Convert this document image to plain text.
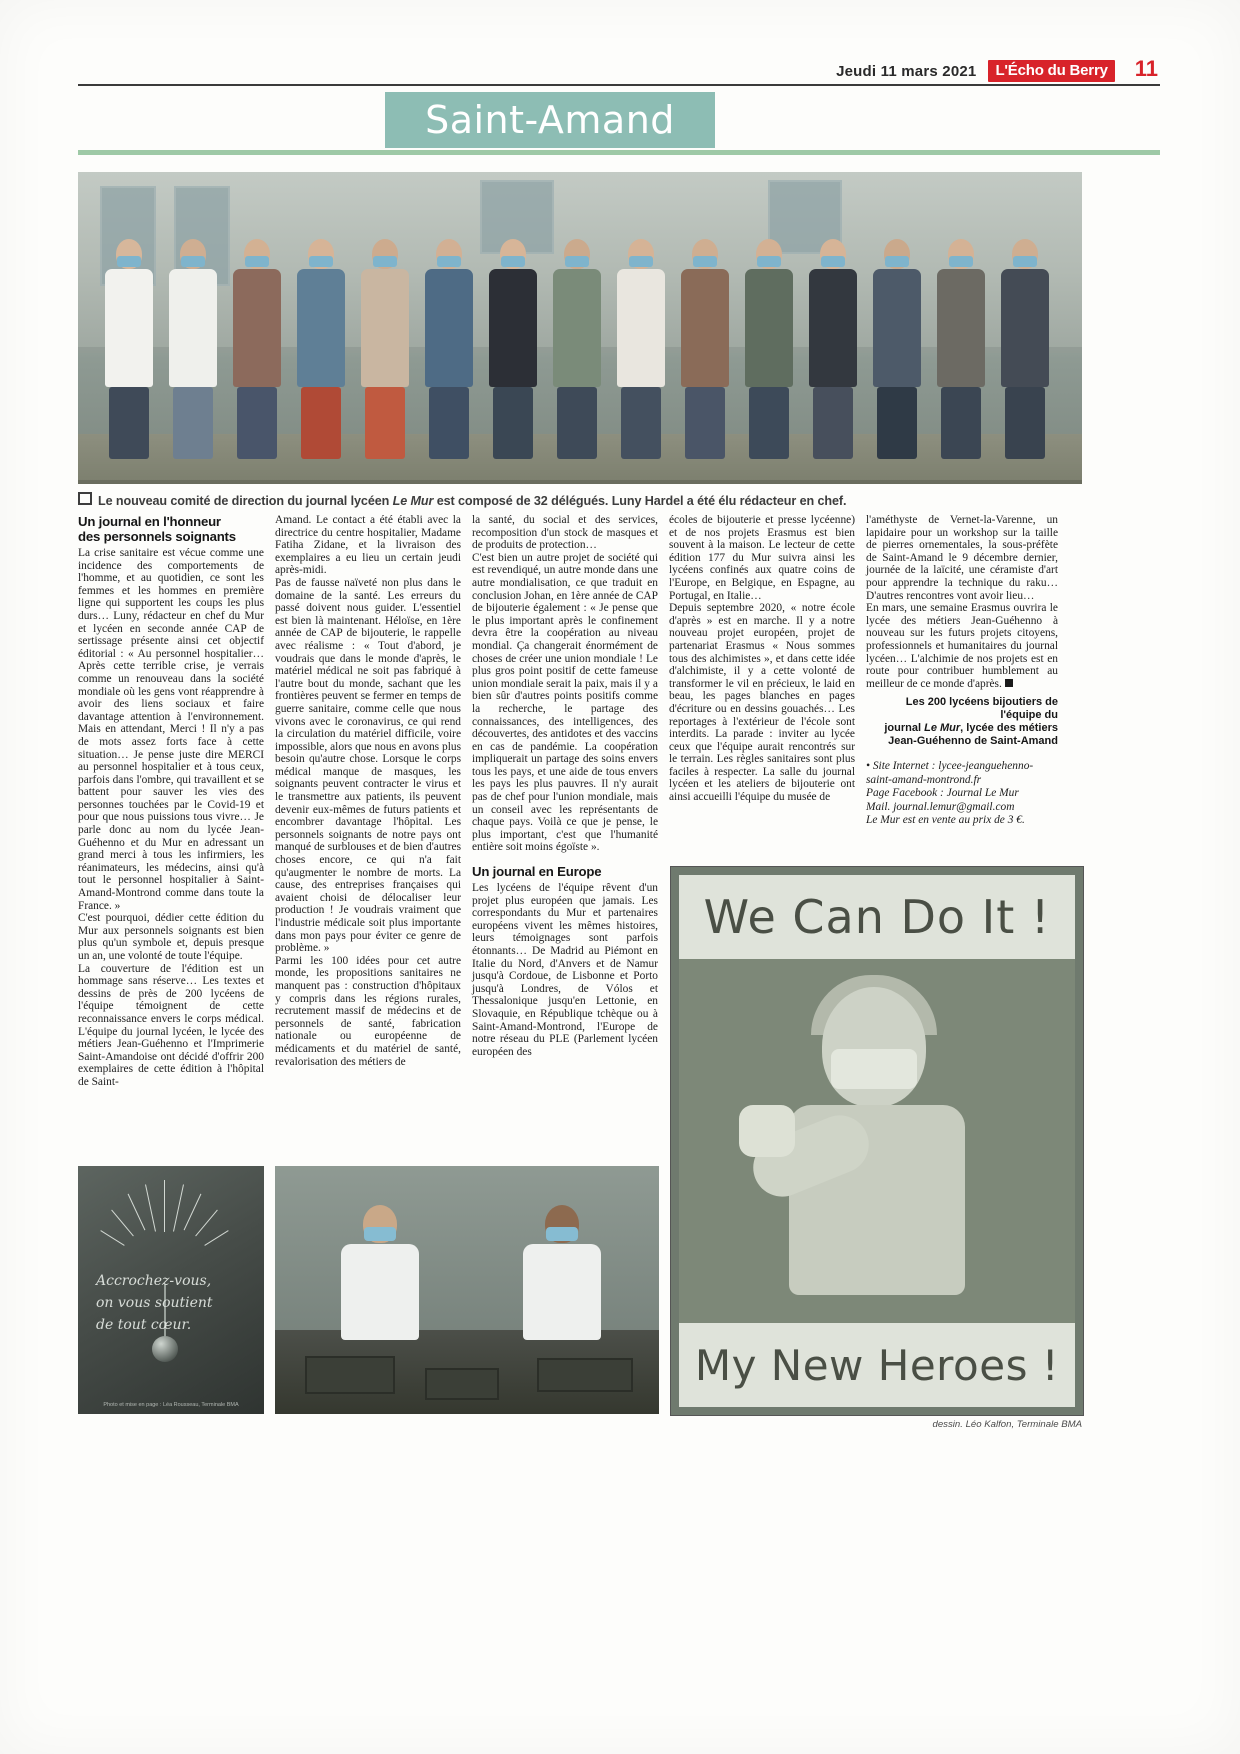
Jeudi 11 mars 2021	L'Écho du Berry	11
Saint-Amand
Le nouveau comité de direction du journal lycéen Le Mur est composé de 32 délégués. Luny Hardel a été élu rédacteur en chef.
Un journal en l'honneur
des personnels soignants

La crise sanitaire est vécue comme une incidence des comportements de l'homme, et au quotidien, ce sont les femmes et les hommes en première ligne qui supportent les coups les plus durs… Luny, rédacteur en chef du Mur et lycéen en seconde année CAP de sertissage présente ainsi cet objectif éditorial : « Au personnel hospitalier… Après cette terrible crise, je verrais comme un renouveau dans la société mondiale où les gens vont réapprendre à avoir des liens sociaux et faire davantage attention à l'environnement. Mais en attendant, Merci ! Il n'y a pas de mots assez forts face à cette situation… Je pense juste dire MERCI au personnel hospitalier et à tous ceux, parfois dans l'ombre, qui travaillent et se battent pour sauver les vies des personnes touchées par le Covid-19 et pour que nous puissions tous vivre… Je parle donc au nom du lycée Jean-Guéhenno et du Mur en adressant un grand merci à tous les infirmiers, les réanimateurs, les médecins, ainsi qu'à tout le personnel hospitalier à Saint-Amand-Montrond comme dans toute la France. »

C'est pourquoi, dédier cette édition du Mur aux personnels soignants est bien plus qu'un symbole et, depuis presque un an, une volonté de toute l'équipe.

La couverture de l'édition est un hommage sans réserve… Les textes et dessins de près de 200 lycéens de l'équipe témoignent de cette reconnaissance envers le corps médical. L'équipe du journal lycéen, le lycée des métiers Jean-Guéhenno et l'Imprimerie Saint-Amandoise ont décidé d'offrir 200 exemplaires de cette édition à l'hôpital de Saint-

Amand. Le contact a été établi avec la directrice du centre hospitalier, Madame Fatiha Zidane, et la livraison des exemplaires a eu lieu un certain jeudi après-midi.

Pas de fausse naïveté non plus dans le domaine de la santé. Les erreurs du passé doivent nous guider. L'essentiel est bien là maintenant. Héloïse, en 1ère année de CAP de bijouterie, le rappelle avec réalisme : « Tout d'abord, je voudrais que dans le monde d'après, le matériel médical ne soit pas fabriqué à l'autre bout du monde, sachant que les frontières peuvent se fermer en temps de guerre sanitaire, comme celle que nous vivons avec le coronavirus, ce qui rend la circulation du matériel difficile, voire impossible, alors que nous en avons plus besoin qu'autre chose. Lorsque le corps médical manque de masques, les soignants peuvent contracter le virus et le transmettre aux patients, ils peuvent devenir eux-mêmes de futurs patients et encombrer davantage l'hôpital. Les personnels soignants de notre pays ont manqué de surblouses et de bien d'autres choses encore, ce qui n'a fait qu'augmenter le nombre de morts. La cause, des entreprises françaises qui avaient choisi de délocaliser leur production ! Je voudrais vraiment que l'industrie médicale soit plus importante dans mon pays pour éviter ce genre de problème. »

Parmi les 100 idées pour cet autre monde, les propositions sanitaires ne manquent pas : construction d'hôpitaux y compris dans les régions rurales, recrutement massif de médecins et de personnels de santé, fabrication nationale ou européenne de médicaments et du matériel de santé, revalorisation des métiers de

la santé, du social et des services, recomposition d'un stock de masques et de produits de protection…

C'est bien un autre projet de société qui est revendiqué, un autre monde dans une autre mondialisation, ce que traduit en conclusion Johan, en 1ère année de CAP de bijouterie également : « Je pense que le plus important après le confinement devra être la coopération au niveau mondial. Ça changerait énormément de choses de créer une union mondiale ! Le plus gros point positif de cette fameuse union mondiale serait la paix, mais il y a bien sûr d'autres points positifs comme la recherche, le partage des connaissances, des intelligences, des découvertes, des antidotes et des vaccins en cas de pandémie. La coopération impliquerait un partage des soins envers tous les pays, et une aide de tous envers les pays les plus pauvres. Il n'y aurait pas de chef pour l'union mondiale, mais un conseil avec les représentants de chaque pays. Voilà ce que je pense, le plus important, c'est que l'humanité entière soit moins égoïste ».

Un journal en Europe

Les lycéens de l'équipe rêvent d'un projet plus européen que jamais. Les correspondants du Mur et partenaires européens vivent les mêmes histoires, leurs témoignages sont parfois étonnants… De Madrid au Piémont en Italie du Nord, d'Anvers et de Namur jusqu'à Cordoue, de Lisbonne et Porto jusqu'à Londres, de Vólos et Thessalonique jusqu'en Lettonie, en Slovaquie, en République tchèque ou à Saint-Amand-Montrond, l'Europe de notre réseau du PLE (Parlement lycéen européen des

écoles de bijouterie et presse lycéenne) et de nos projets Erasmus est bien souvent à la maison. Le lecteur de cette édition 177 du Mur suivra ainsi les lycéens confinés aux quatre coins de l'Europe, en Belgique, en Espagne, au Portugal, en Italie…

Depuis septembre 2020, « notre école d'après » est en marche. Il y a notre nouveau projet européen, projet de partenariat Erasmus « Nous sommes tous des alchimistes », et dans cette idée d'alchimiste, il y a cette volonté de transformer le vil en précieux, le laid en beau, les pages blanches en pages d'écriture ou en dessins gouachés… Les reportages à l'extérieur de l'école sont interdits. La parade : inviter au lycée ceux que l'équipe aurait rencontrés sur le terrain. Les règles sanitaires sont plus faciles à respecter. La salle du journal lycéen et les ateliers de bijouterie ont ainsi accueilli l'équipe du musée de

l'améthyste de Vernet-la-Varenne, un lapidaire pour un workshop sur la taille de pierres ornementales, la sous-préfète de Saint-Amand le 9 décembre dernier, journée de la laïcité, une céramiste d'art pour apprendre la technique du raku… D'autres rencontres vont avoir lieu…

En mars, une semaine Erasmus ouvrira le lycée des métiers Jean-Guéhenno à nouveau sur les futurs projets citoyens, professionnels et humanitaires du journal lycéen… L'alchimie de nos projets est en route pour contribuer humblement au meilleur de ce monde d'après.

Les 200 lycéens bijoutiers de l'équipe du
journal Le Mur, lycée des métiers
Jean-Guéhenno de Saint-Amand
• Site Internet : lycee-jeanguehenno-saint-amand-montrond.fr
Page Facebook : Journal Le Mur
Mail. journal.lemur@gmail.com
Le Mur est en vente au prix de 3 €.
Accrochez-vous,
on vous soutient
de tout cœur.
Photo et mise en page : Léa Rousseau, Terminale BMA
We Can Do It !
My New Heroes !
dessin. Léo Kalfon, Terminale BMA
